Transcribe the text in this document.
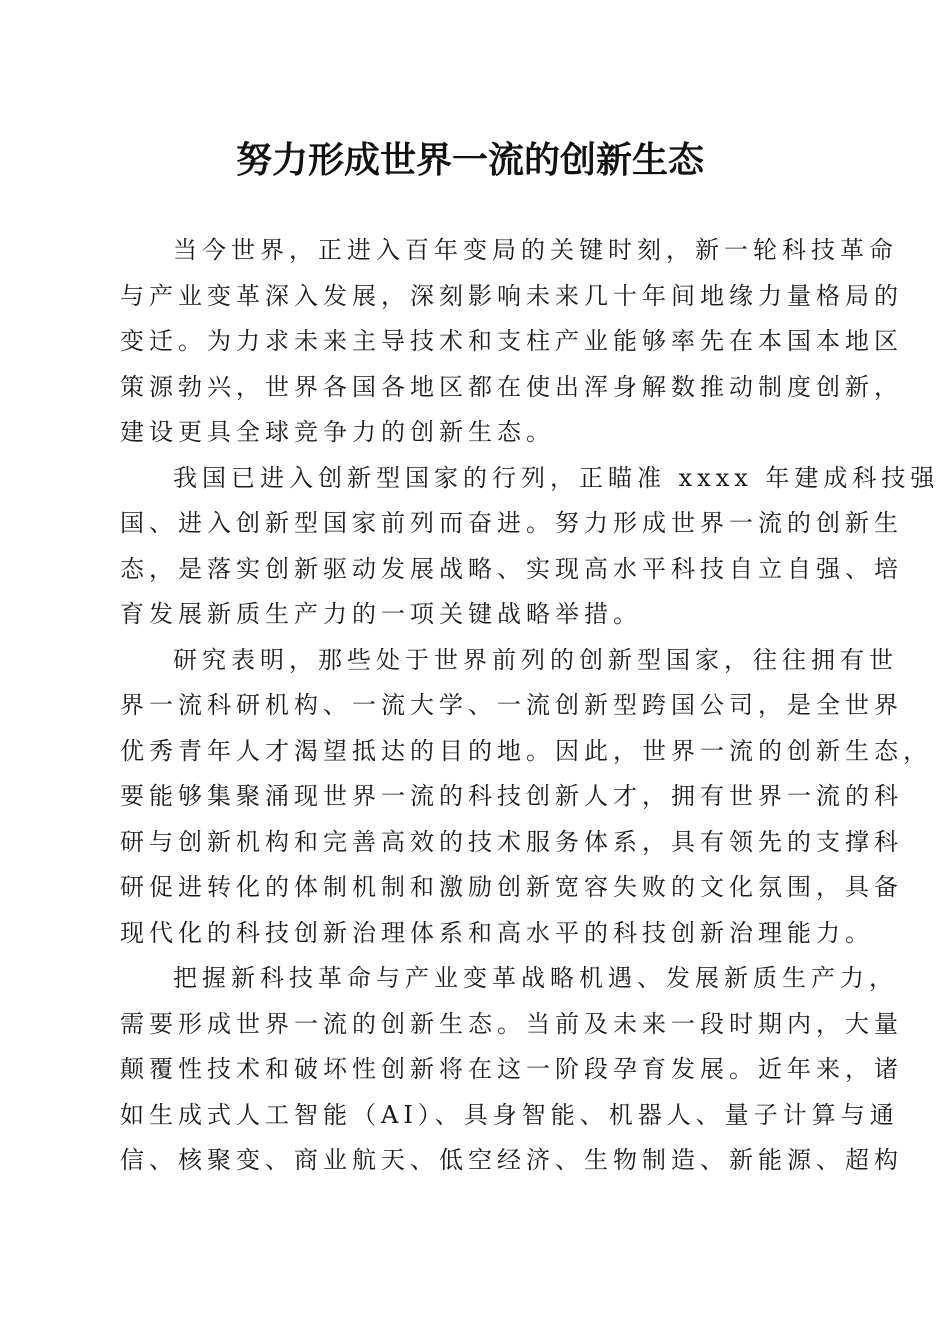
努力形成世界一流的创新生态
当今世界，正进入百年变局的关键时刻，新一轮科技革命
与产业变革深入发展，深刻影响未来几十年间地缘力量格局的
变迁。为力求未来主导技术和支柱产业能够率先在本国本地区
策源勃兴，世界各国各地区都在使出浑身解数推动制度创新，
建设更具全球竞争力的创新生态。
我国已进入创新型国家的行列，正瞄准 xxxx 年建成科技强
国、进入创新型国家前列而奋进。努力形成世界一流的创新生
态，是落实创新驱动发展战略、实现高水平科技自立自强、培
育发展新质生产力的一项关键战略举措。
研究表明，那些处于世界前列的创新型国家，往往拥有世
界一流科研机构、一流大学、一流创新型跨国公司，是全世界
优秀青年人才渴望抵达的目的地。因此，世界一流的创新生态，
要能够集聚涌现世界一流的科技创新人才，拥有世界一流的科
研与创新机构和完善高效的技术服务体系，具有领先的支撑科
研促进转化的体制机制和激励创新宽容失败的文化氛围，具备
现代化的科技创新治理体系和高水平的科技创新治理能力。
把握新科技革命与产业变革战略机遇、发展新质生产力，
需要形成世界一流的创新生态。当前及未来一段时期内，大量
颠覆性技术和破坏性创新将在这一阶段孕育发展。近年来，诸
如生成式人工智能（AI）、具身智能、机器人、量子计算与通
信、核聚变、商业航天、低空经济、生物制造、新能源、超构
